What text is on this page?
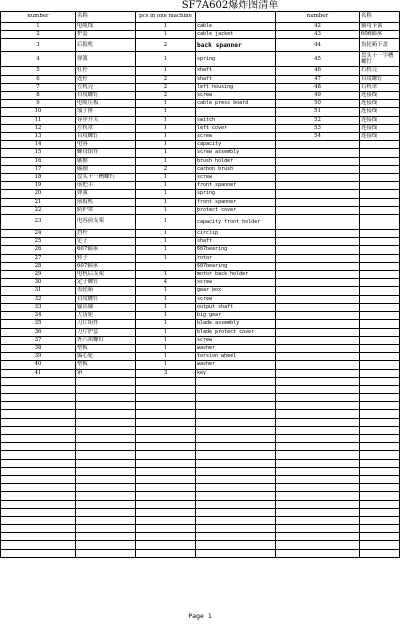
SF7A602爆炸图清单
number	名称	pcs in one machine		number	名称
1	电缆线	1	cable	42	轴用卡簧
2	护套	1	cable jacket	43	606轴承
3	后扳机	2	back spanner	44	齿轮箱下盖
4	弹簧	1	spring	45	盘头十一字槽螺钉
5	杠杆	1	shaft	46	右机壳
6	连杆	2	shaft	47	自攻螺钉
7	左机壳	2	left housing	48	右机罩
8	自攻螺钉	2	screw	49	连接线
9	电缆压板	1	cable press board	50	连接线
10	端子排	1		51	连接线
11	异步开关	1	switch	52	连接线
12	左机罩	1	left cover	53	连接线
13	自攻螺钉	1	screw	54	连接线
14	电容	1	capacity		
15	螺母组件	1	screw assembly		
16	刷握	1	brush holder		
17	碳刷	2	carbon brush		
18	盘头十一槽螺钉	1	screw		
19	前把手	1	front spanner		
20	弹簧	1	spring		
21	前扳机	1	front spanner		
22	防护罩	1	protect cover		
23	电容前支架	1	capacity front holder		
24	挡杆	1	circlip		
25	定子	1	shaft		
26	607轴承	1	607bearing		
27	转子	1	rotor		
28	607轴承		607bearing		
29	电机后支架	1	motor back holder		
30	定子螺钉	4	screw		
31	齿轮箱	1	gear box		
32	自攻螺钉	1	screw		
33	输出轴	1	output shaft		
34	大齿轮	1	big gear		
35	刀片组件	1	blade assembly		
36	刀片护套	1	blade protect cover		
37	外六角螺钉	1	screw		
38	垫板	1	washer		
39	偏心轮	1	torsion wheel		
40	垫板	1	washer		
41	销	3	key		

Page 1
